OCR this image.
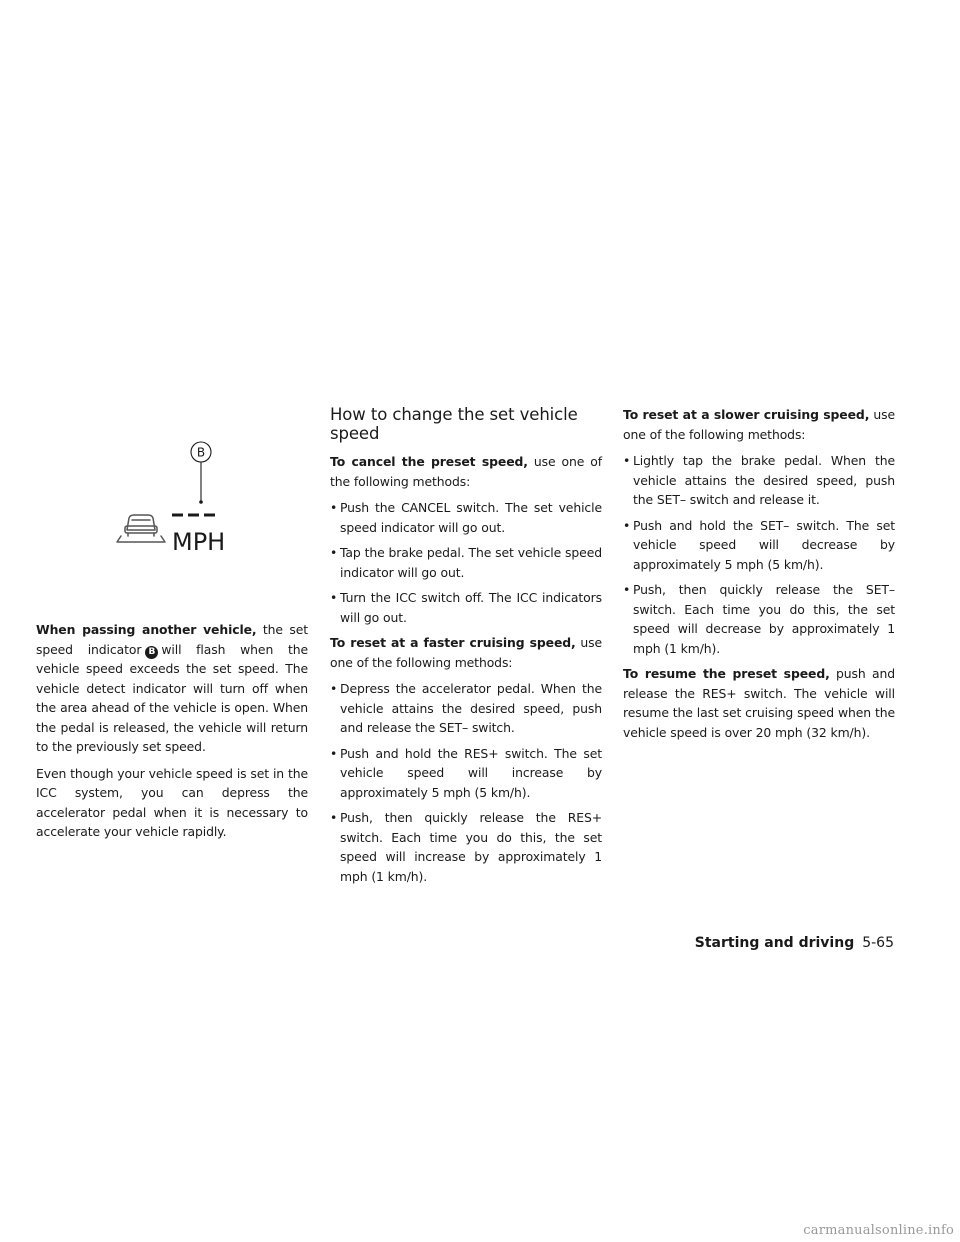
B
MPH

When passing another vehicle, the set speed indicator B will flash when the vehicle speed exceeds the set speed. The vehicle detect indicator will turn off when the area ahead of the vehicle is open. When the pedal is released, the vehicle will return to the previously set speed.

Even though your vehicle speed is set in the ICC system, you can depress the accelerator pedal when it is necessary to accelerate your vehicle rapidly.

How to change the set vehicle speed

To cancel the preset speed, use one of the following methods:

• Push the CANCEL switch. The set vehicle speed indicator will go out.
• Tap the brake pedal. The set vehicle speed indicator will go out.
• Turn the ICC switch off. The ICC indicators will go out.

To reset at a faster cruising speed, use one of the following methods:

• Depress the accelerator pedal. When the vehicle attains the desired speed, push and release the SET– switch.
• Push and hold the RES+ switch. The set vehicle speed will increase by approximately 5 mph (5 km/h).
• Push, then quickly release the RES+ switch. Each time you do this, the set speed will increase by approximately 1 mph (1 km/h).

To reset at a slower cruising speed, use one of the following methods:

• Lightly tap the brake pedal. When the vehicle attains the desired speed, push the SET– switch and release it.
• Push and hold the SET– switch. The set vehicle speed will decrease by approximately 5 mph (5 km/h).
• Push, then quickly release the SET– switch. Each time you do this, the set speed will decrease by approximately 1 mph (1 km/h).

To resume the preset speed, push and release the RES+ switch. The vehicle will resume the last set cruising speed when the vehicle speed is over 20 mph (32 km/h).

Starting and driving 5-65
carmanualsonline.info
